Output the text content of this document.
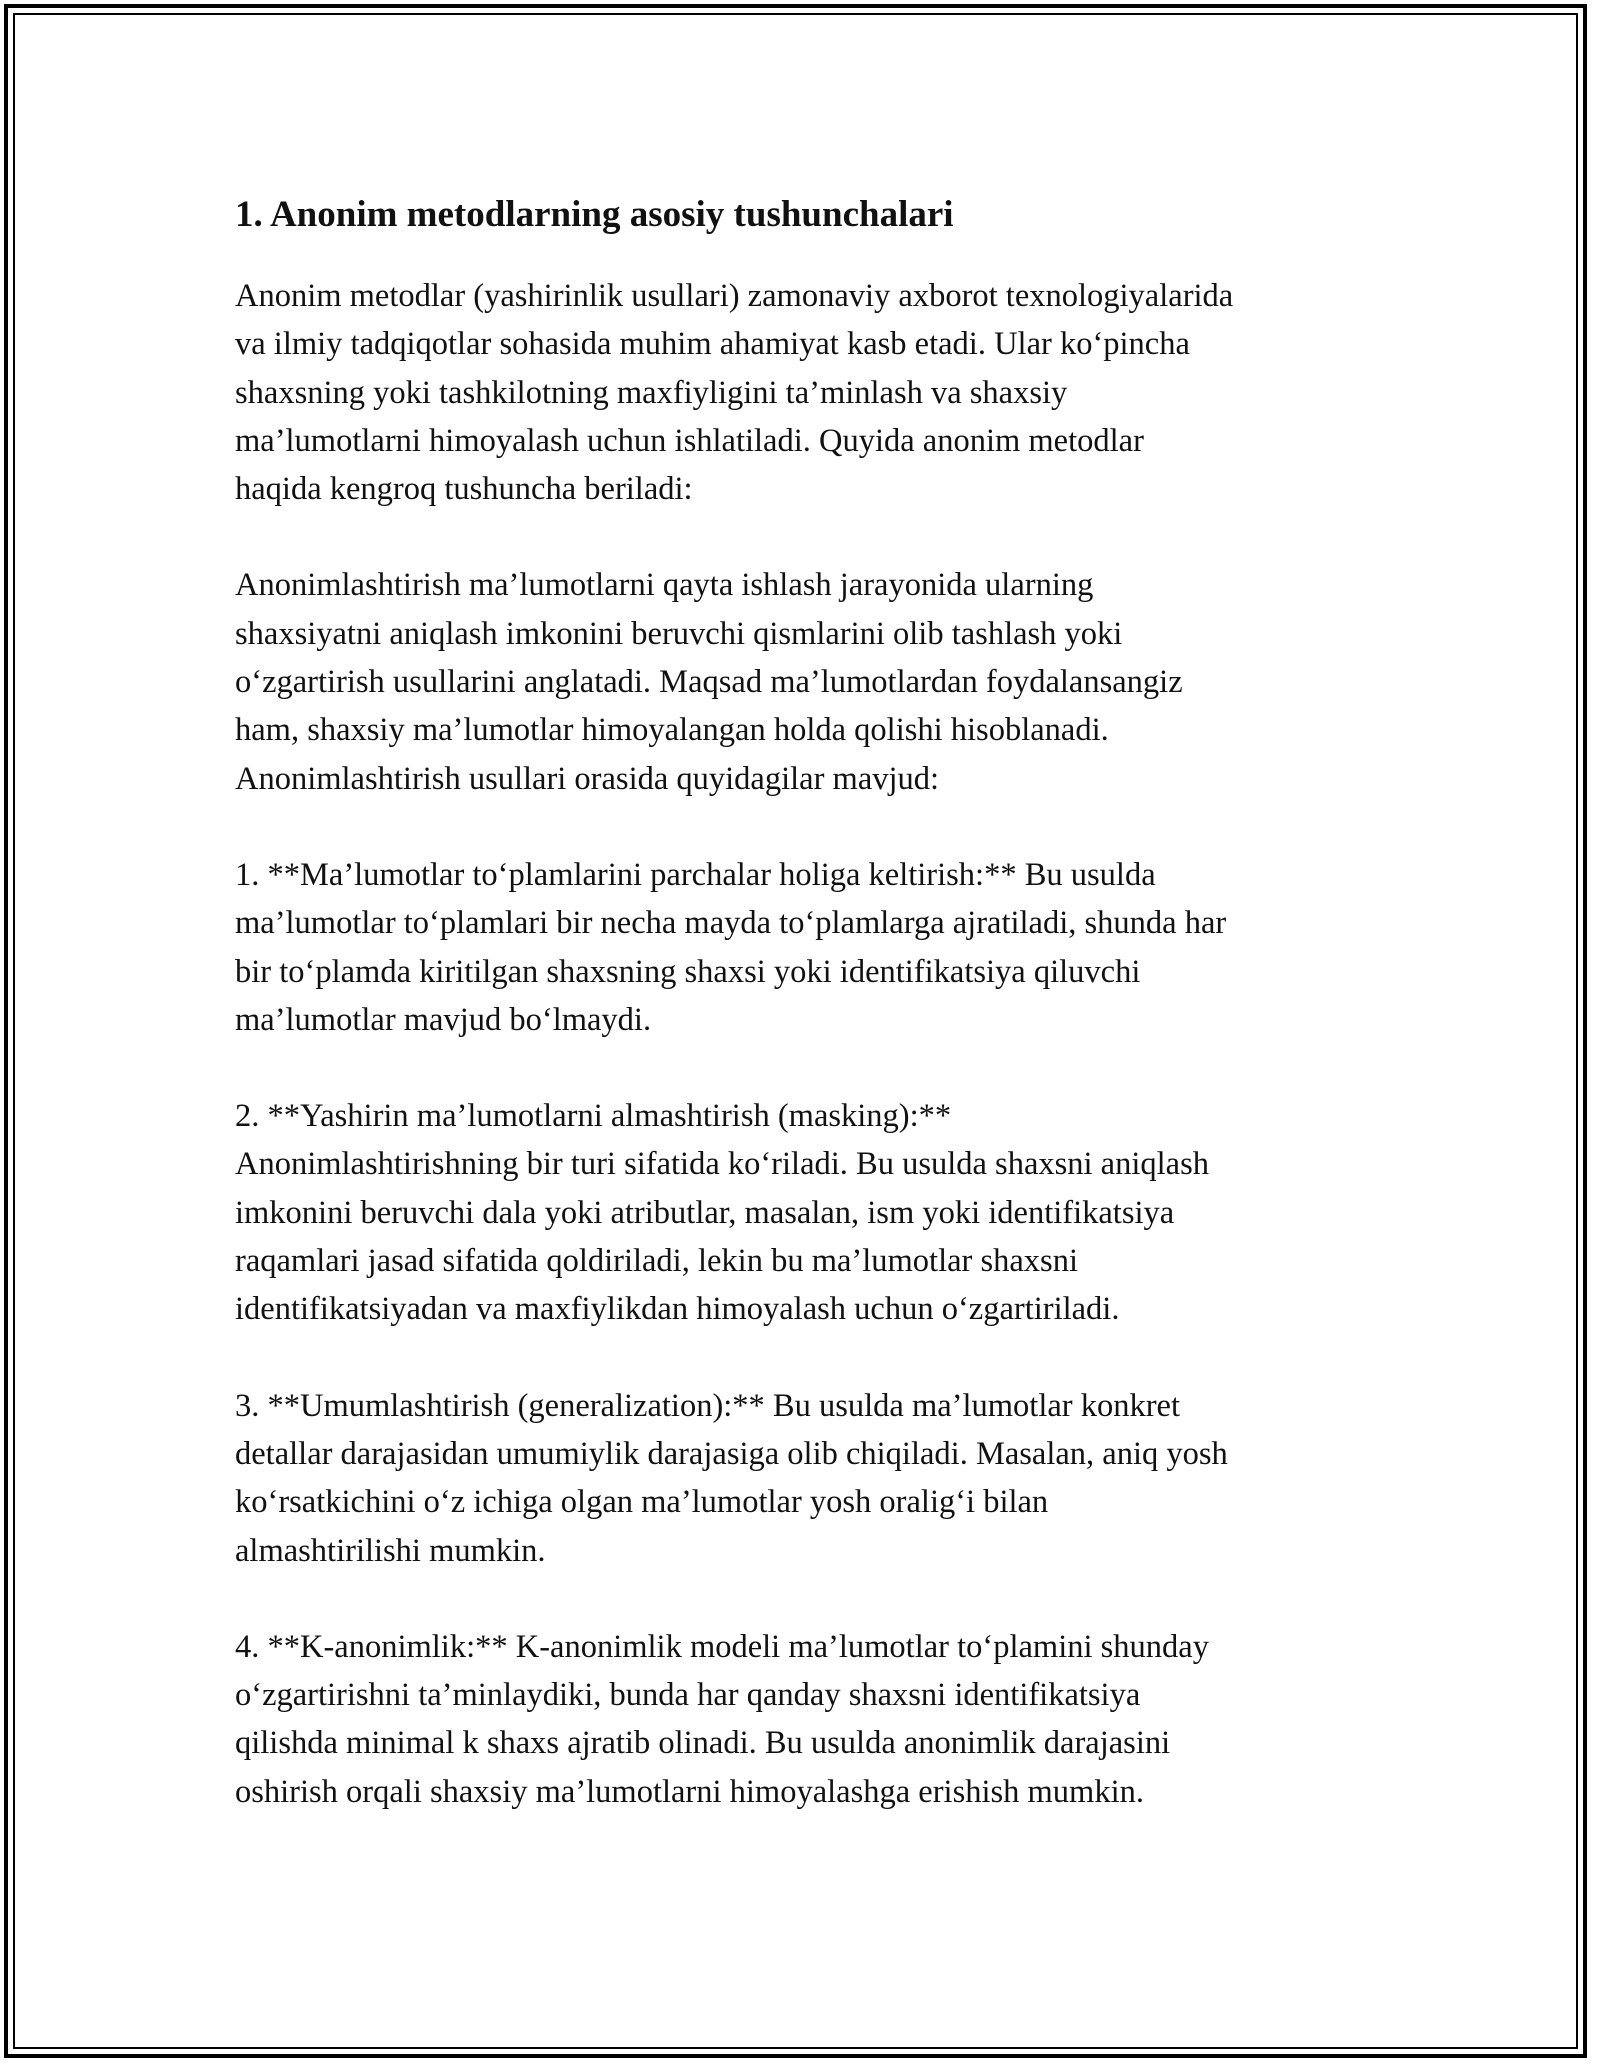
1. Anonim metodlarning asosiy tushunchalari

Anonim metodlar (yashirinlik usullari) zamonaviy axborot texnologiyalarida
va ilmiy tadqiqotlar sohasida muhim ahamiyat kasb etadi. Ular ko‘pincha
shaxsning yoki tashkilotning maxfiyligini ta’minlash va shaxsiy
ma’lumotlarni himoyalash uchun ishlatiladi. Quyida anonim metodlar
haqida kengroq tushuncha beriladi:

Anonimlashtirish ma’lumotlarni qayta ishlash jarayonida ularning
shaxsiyatni aniqlash imkonini beruvchi qismlarini olib tashlash yoki
o‘zgartirish usullarini anglatadi. Maqsad ma’lumotlardan foydalansangiz
ham, shaxsiy ma’lumotlar himoyalangan holda qolishi hisoblanadi.
Anonimlashtirish usullari orasida quyidagilar mavjud:

1. **Ma’lumotlar to‘plamlarini parchalar holiga keltirish:** Bu usulda
ma’lumotlar to‘plamlari bir necha mayda to‘plamlarga ajratiladi, shunda har
bir to‘plamda kiritilgan shaxsning shaxsi yoki identifikatsiya qiluvchi
ma’lumotlar mavjud bo‘lmaydi.

2. **Yashirin ma’lumotlarni almashtirish (masking):**
Anonimlashtirishning bir turi sifatida ko‘riladi. Bu usulda shaxsni aniqlash
imkonini beruvchi dala yoki atributlar, masalan, ism yoki identifikatsiya
raqamlari jasad sifatida qoldiriladi, lekin bu ma’lumotlar shaxsni
identifikatsiyadan va maxfiylikdan himoyalash uchun o‘zgartiriladi.

3. **Umumlashtirish (generalization):** Bu usulda ma’lumotlar konkret
detallar darajasidan umumiylik darajasiga olib chiqiladi. Masalan, aniq yosh
ko‘rsatkichini o‘z ichiga olgan ma’lumotlar yosh oralig‘i bilan
almashtirilishi mumkin.

4. **K-anonimlik:** K-anonimlik modeli ma’lumotlar to‘plamini shunday
o‘zgartirishni ta’minlaydiki, bunda har qanday shaxsni identifikatsiya
qilishda minimal k shaxs ajratib olinadi. Bu usulda anonimlik darajasini
oshirish orqali shaxsiy ma’lumotlarni himoyalashga erishish mumkin.
